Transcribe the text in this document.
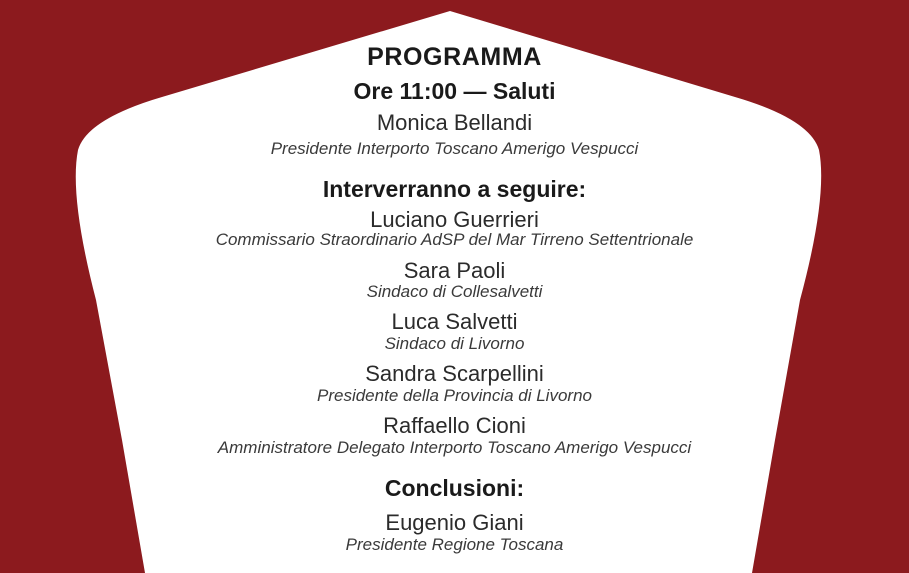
PROGRAMMA
Ore 11:00 — Saluti
Monica Bellandi
Presidente Interporto Toscano Amerigo Vespucci
Interverranno a seguire:
Luciano Guerrieri
Commissario Straordinario AdSP del Mar Tirreno Settentrionale
Sara Paoli
Sindaco di Collesalvetti
Luca Salvetti
Sindaco di Livorno
Sandra Scarpellini
Presidente della Provincia di Livorno
Raffaello Cioni
Amministratore Delegato Interporto Toscano Amerigo Vespucci
Conclusioni:
Eugenio Giani
Presidente Regione Toscana
